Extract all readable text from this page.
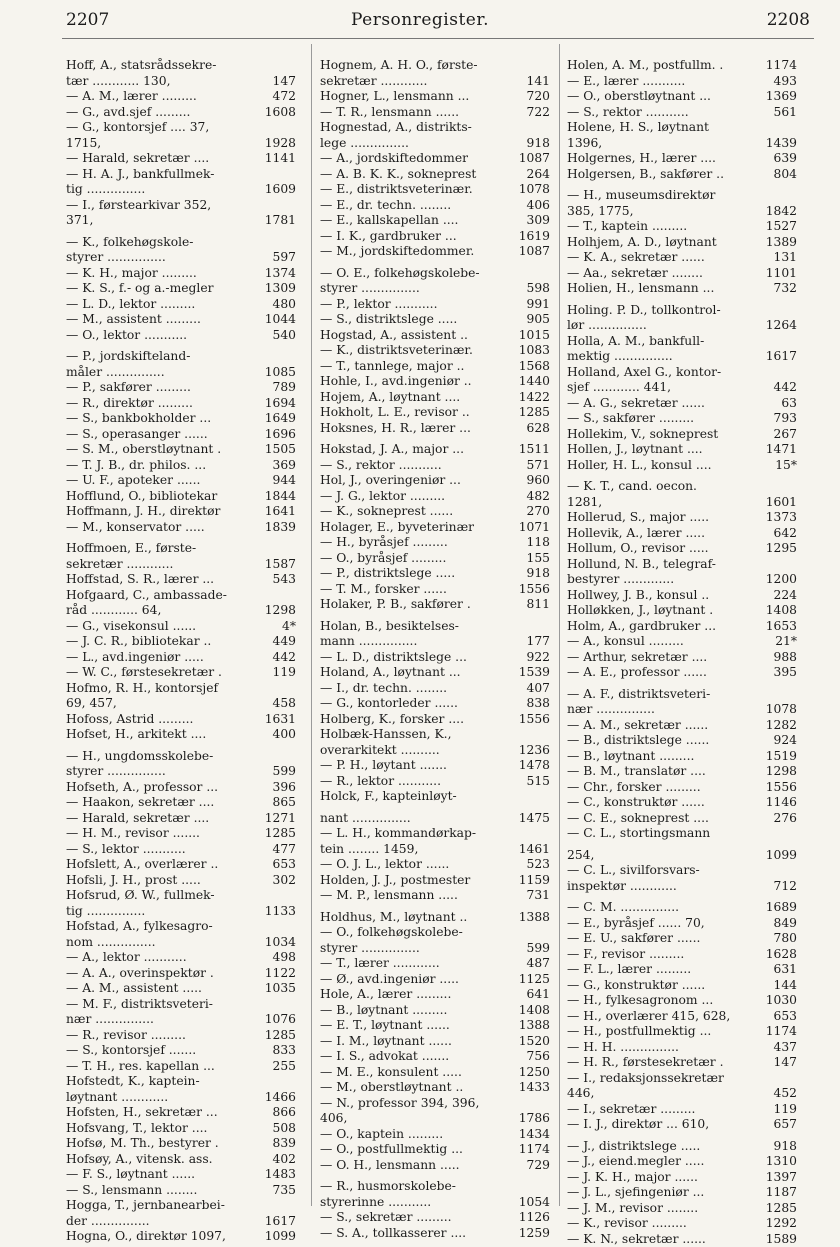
2207	Personregister.	2208
Hoff, A., statsrådssekre-
tær ............ 130,	147
— A. M., lærer .........	472
— G., avd.sjef .........	1608
— G., kontorsjef .... 37,
1715,	1928
— Harald, sekretær ....	1141
— H. A. J., bankfullmek-
tig ...............	1609
— I., førstearkivar 352,
371,	1781
— K., folkehøgskole-
styrer ...............	597
— K. H., major .........	1374
— K. S., f.- og a.-megler	1309
— L. D., lektor .........	480
— M., assistent .........	1044
— O., lektor ...........	540
— P., jordskifteland-
måler ...............	1085
— P., sakfører .........	789
— R., direktør .........	1694
— S., bankbokholder ...	1649
— S., operasanger ......	1696
— S. M., oberstløytnant .	1505
— T. J. B., dr. philos. ...	369
— U. F., apoteker ......	944
Hofflund, O., bibliotekar	1844
Hoffmann, J. H., direktør	1641
— M., konservator .....	1839
Hoffmoen, E., første-
sekretær ............	1587
Hoffstad, S. R., lærer ...	543
Hofgaard, C., ambassade-
råd ............ 64,	1298
— G., visekonsul ......	4*
— J. C. R., bibliotekar ..	449
— L., avd.ingeniør .....	442
— W. C., førstesekretær .	119
Hofmo, R. H., kontorsjef
69, 457,	458
Hofoss, Astrid .........	1631
Hofset, H., arkitekt ....	400
— H., ungdomsskolebe-
styrer ...............	599
Hofseth, A., professor ...	396
— Haakon, sekretær ....	865
— Harald, sekretær ....	1271
— H. M., revisor .......	1285
— S., lektor ...........	477
Hofslett, A., overlærer ..	653
Hofsli, J. H., prost .....	302
Hofsrud, Ø. W., fullmek-
tig ...............	1133
Hofstad, A., fylkesagro-
nom ...............	1034
— A., lektor ...........	498
— A. A., overinspektør .	1122
— A. M., assistent .....	1035
— M. F., distriktsveteri-
nær ...............	1076
— R., revisor .........	1285
— S., kontorsjef .......	833
— T. H., res. kapellan ...	255
Hofstedt, K., kaptein-
løytnant ............	1466
Hofsten, H., sekretær ...	866
Hofsvang, T., lektor ....	508
Hofsø, M. Th., bestyrer .	839
Hofsøy, A., vitensk. ass.	402
— F. S., løytnant ......	1483
— S., lensmann ........	735
Hogga, T., jernbanearbei-
der ...............	1617
Hogna, O., direktør 1097,	1099
Hognem, A. H. O., første-
sekretær ............	141
Hogner, L., lensmann ...	720
— T. R., lensmann ......	722
Hognestad, A., distrikts-
lege ...............	918
— A., jordskiftedommer	1087
— A. B. K. K., sokneprest	264
— E., distriktsveterinær.	1078
— E., dr. techn. ........	406
— E., kallskapellan ....	309
— I. K., gardbruker ...	1619
— M., jordskiftedommer.	1087
— O. E., folkehøgskolebe-
styrer ...............	598
— P., lektor ...........	991
— S., distriktslege .....	905
Hogstad, A., assistent ..	1015
— K., distriktsveterinær.	1083
— T., tannlege, major ..	1568
Hohle, I., avd.ingeniør ..	1440
Hojem, A., løytnant ....	1422
Hokholt, L. E., revisor ..	1285
Hoksnes, H. R., lærer ...	628
Hokstad, J. A., major ...	1511
— S., rektor ...........	571
Hol, J., overingeniør ...	960
— J. G., lektor .........	482
— K., sokneprest ......	270
Holager, E., byveterinær	1071
— H., byråsjef .........	118
— O., byråsjef .........	155
— P., distriktslege .....	918
— T. M., forsker ......	1556
Holaker, P. B., sakfører .	811
Holan, B., besiktelses-
mann ...............	177
— L. D., distriktslege ...	922
Holand, A., løytnant ...	1539
— I., dr. techn. ........	407
— G., kontorleder ......	838
Holberg, K., forsker ....	1556
Holbæk-Hanssen, K.,
overarkitekt ..........	1236
— P. H., løytant .......	1478
— R., lektor ...........	515
Holck, F., kapteinløyt-
nant ...............	1475
— L. H., kommandørkap-
tein ........ 1459,	1461
— O. J. L., lektor ......	523
Holden, J. J., postmester	1159
— M. P., lensmann .....	731
Holdhus, M., løytnant ..	1388
— O., folkehøgskolebe-
styrer ...............	599
— T., lærer ............	487
— Ø., avd.ingeniør .....	1125
Hole, A., lærer .........	641
— B., løytnant .........	1408
— E. T., løytnant ......	1388
— I. M., løytnant ......	1520
— I. S., advokat .......	756
— M. E., konsulent .....	1250
— M., oberstløytnant ..	1433
— N., professor 394, 396,
406,	1786
— O., kaptein .........	1434
— O., postfullmektig ...	1174
— O. H., lensmann .....	729
— R., husmorskolebe-
styrerinne ...........	1054
— S., sekretær .........	1126
— S. A., tollkasserer ....	1259
Holen, A. M., postfullm. .	1174
— E., lærer ...........	493
— O., oberstløytnant ...	1369
— S., rektor ...........	561
Holene, H. S., løytnant
1396,	1439
Holgernes, H., lærer ....	639
Holgersen, B., sakfører ..	804
— H., museumsdirektør
385, 1775,	1842
— T., kaptein .........	1527
Holhjem, A. D., løytnant	1389
— K. A., sekretær ......	131
— Aa., sekretær ........	1101
Holien, H., lensmann ...	732
Holing. P. D., tollkontrol-
lør ...............	1264
Holla, A. M., bankfull-
mektig ...............	1617
Holland, Axel G., kontor-
sjef ............ 441,	442
— A. G., sekretær ......	63
— S., sakfører .........	793
Hollekim, V., sokneprest	267
Hollen, J., løytnant ....	1471
Holler, H. L., konsul ....	15*
— K. T., cand. oecon.
1281,	1601
Hollerud, S., major .....	1373
Hollevik, A., lærer .....	642
Hollum, O., revisor .....	1295
Hollund, N. B., telegraf-
bestyrer .............	1200
Hollwey, J. B., konsul ..	224
Holløkken, J., løytnant .	1408
Holm, A., gardbruker ...	1653
— A., konsul .........	21*
— Arthur, sekretær ....	988
— A. E., professor ......	395
— A. F., distriktsveteri-
nær ...............	1078
— A. M., sekretær ......	1282
— B., distriktslege ......	924
— B., løytnant .........	1519
— B. M., translatør ....	1298
— Chr., forsker .........	1556
— C., konstruktør ......	1146
— C. E., sokneprest ....	276
— C. L., stortingsmann
254,	1099
— C. L., sivilforsvars-
inspektør ............	712
— C. M. ...............	1689
— E., byråsjef ...... 70,	849
— E. U., sakfører ......	780
— F., revisor .........	1628
— F. L., lærer .........	631
— G., konstruktør ......	144
— H., fylkesagronom ...	1030
— H., overlærer 415, 628,	653
— H., postfullmektig ...	1174
— H. H. ...............	437
— H. R., førstesekretær .	147
— I., redaksjonssekretær
446,	452
— I., sekretær .........	119
— I. J., direktør ... 610,	657
— J., distriktslege .....	918
— J., eiend.megler .....	1310
— J. K. H., major ......	1397
— J. L., sjefingeniør ...	1187
— J. M., revisor ........	1285
— K., revisor .........	1292
— K. N., sekretær ......	1589
